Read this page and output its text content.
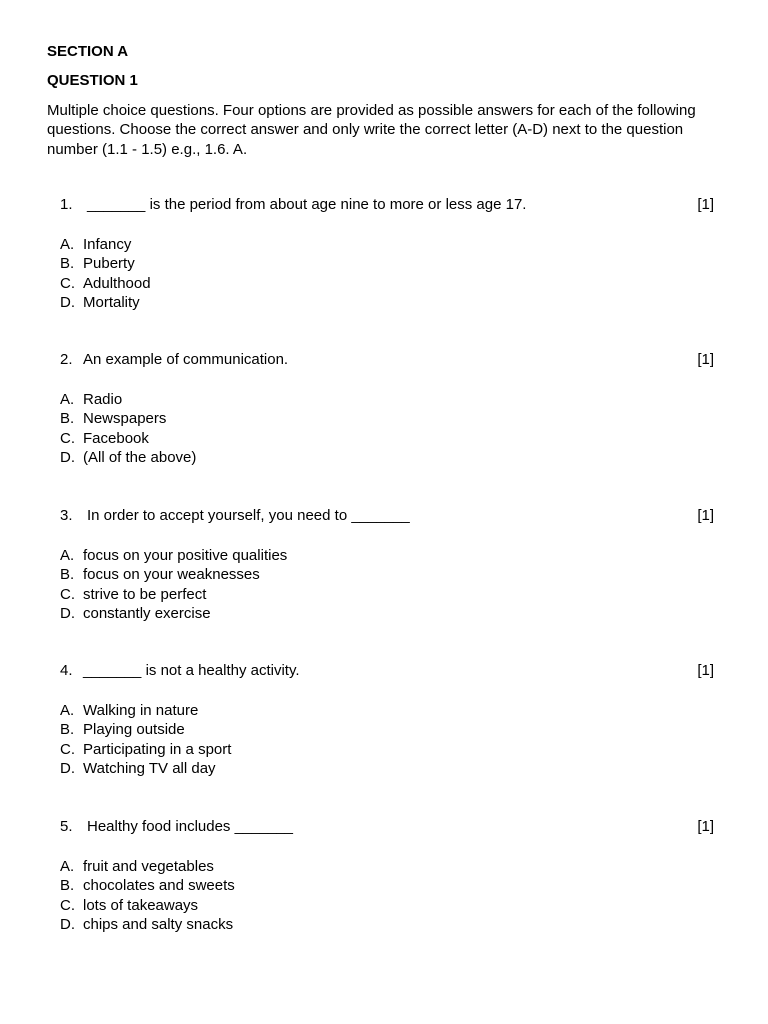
SECTION A
QUESTION 1
Multiple choice questions. Four options are provided as possible answers for each of the following questions. Choose the correct answer and only write the correct letter (A-D) next to the question number (1.1 - 1.5) e.g., 1.6. A.
1. _______ is the period from about age nine to more or less age 17.	[1]
A. Infancy
B. Puberty
C. Adulthood
D. Mortality
2. An example of communication.	[1]
A. Radio
B. Newspapers
C. Facebook
D. (All of the above)
3. In order to accept yourself, you need to _______	[1]
A. focus on your positive qualities
B. focus on your weaknesses
C. strive to be perfect
D. constantly exercise
4. _______ is not a healthy activity.	[1]
A. Walking in nature
B. Playing outside
C. Participating in a sport
D. Watching TV all day
5. Healthy food includes _______	[1]
A. fruit and vegetables
B. chocolates and sweets
C. lots of takeaways
D. chips and salty snacks
